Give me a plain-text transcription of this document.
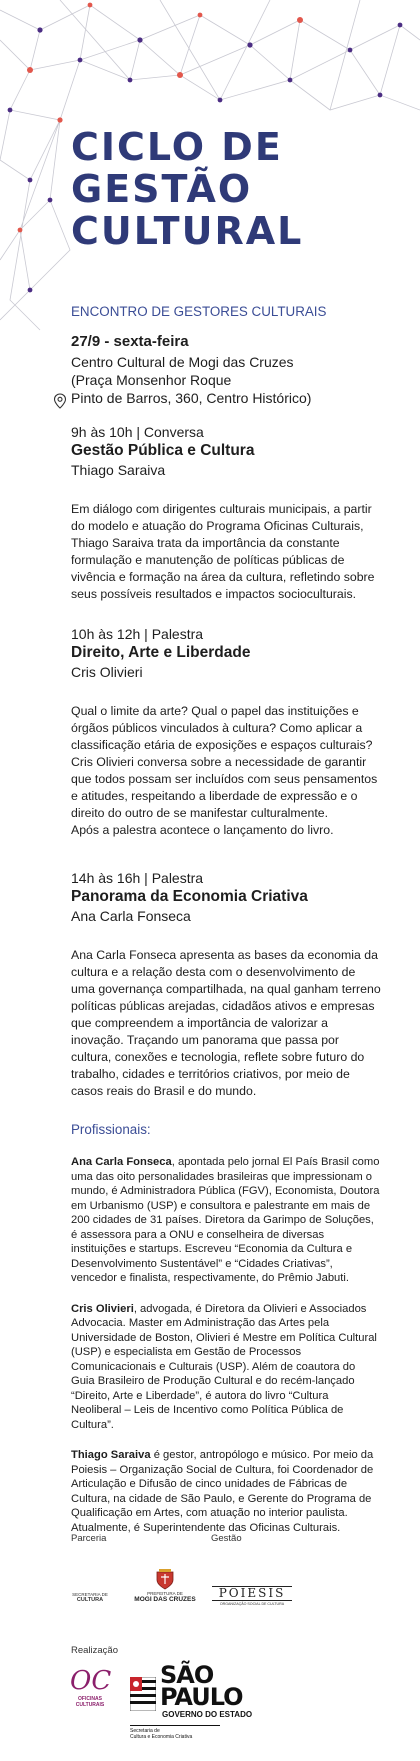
CICLO DE
GESTÃO
CULTURAL
ENCONTRO DE GESTORES CULTURAIS
27/9 - sexta-feira
Centro Cultural de Mogi das Cruzes
(Praça Monsenhor Roque
Pinto de Barros, 360, Centro Histórico)
9h às 10h | Conversa
Gestão Pública e Cultura
Thiago Saraiva
Em diálogo com dirigentes culturais municipais, a partir do modelo e atuação do Programa Oficinas Culturais, Thiago Saraiva trata da importância da constante formulação e manutenção de políticas públicas de vivência e formação na área da cultura, refletindo sobre seus possíveis resultados e impactos socioculturais.
10h às 12h | Palestra
Direito, Arte e Liberdade
Cris Olivieri
Qual o limite da arte? Qual o papel das instituições e órgãos públicos vinculados à cultura? Como aplicar a classificação etária de exposições e espaços culturais? Cris Olivieri conversa sobre a necessidade de garantir que todos possam ser incluídos com seus pensamentos e atitudes, respeitando a liberdade de expressão e o direito do outro de se manifestar culturalmente.
Após a palestra acontece o lançamento do livro.
14h às 16h | Palestra
Panorama da Economia Criativa
Ana Carla Fonseca
Ana Carla Fonseca apresenta as bases da economia da cultura e a relação desta com o desenvolvimento de uma governança compartilhada, na qual ganham terreno políticas públicas arejadas, cidadãos ativos e empresas que compreendem a importância de valorizar a inovação. Traçando um panorama que passa por cultura, conexões e tecnologia, reflete sobre futuro do trabalho, cidades e territórios criativos, por meio de casos reais do Brasil e do mundo.
Profissionais:
Ana Carla Fonseca, apontada pelo jornal El País Brasil como uma das oito personalidades brasileiras que impressionam o mundo, é Administradora Pública (FGV), Economista, Doutora em Urbanismo (USP) e consultora e palestrante em mais de 200 cidades de 31 países. Diretora da Garimpo de Soluções, é assessora para a ONU e conselheira de diversas instituições e startups. Escreveu “Economia da Cultura e Desenvolvimento Sustentável” e “Cidades Criativas”, vencedor e finalista, respectivamente, do Prêmio Jabuti.
Cris Olivieri, advogada, é Diretora da Olivieri e Associados Advocacia. Master em Administração das Artes pela Universidade de Boston, Olivieri é Mestre em Política Cultural (USP) e especialista em Gestão de Processos Comunicacionais e Culturais (USP). Além de coautora do Guia Brasileiro de Produção Cultural e do recém-lançado “Direito, Arte e Liberdade”, é autora do livro “Cultura Neoliberal – Leis de Incentivo como Política Pública de Cultura”.
Thiago Saraiva é gestor, antropólogo e músico. Por meio da Poiesis – Organização Social de Cultura, foi Coordenador de Articulação e Difusão de cinco unidades de Fábricas de Cultura, na cidade de São Paulo, e Gerente do Programa de Qualificação em Artes, com atuação no interior paulista. Atualmente, é Superintendente das Oficinas Culturais.
Parceria	Gestão
SECRETARIA DE
CULTURA
PREFEITURA DE
MOGI DAS CRUZES	POIESIS
ORGANIZAÇÃO SOCIAL DE CULTURA
Realização
OC
OFICINAS
CULTURAIS
SÃO
PAULO
GOVERNO DO ESTADO
Secretaria de
Cultura e Economia Criativa
